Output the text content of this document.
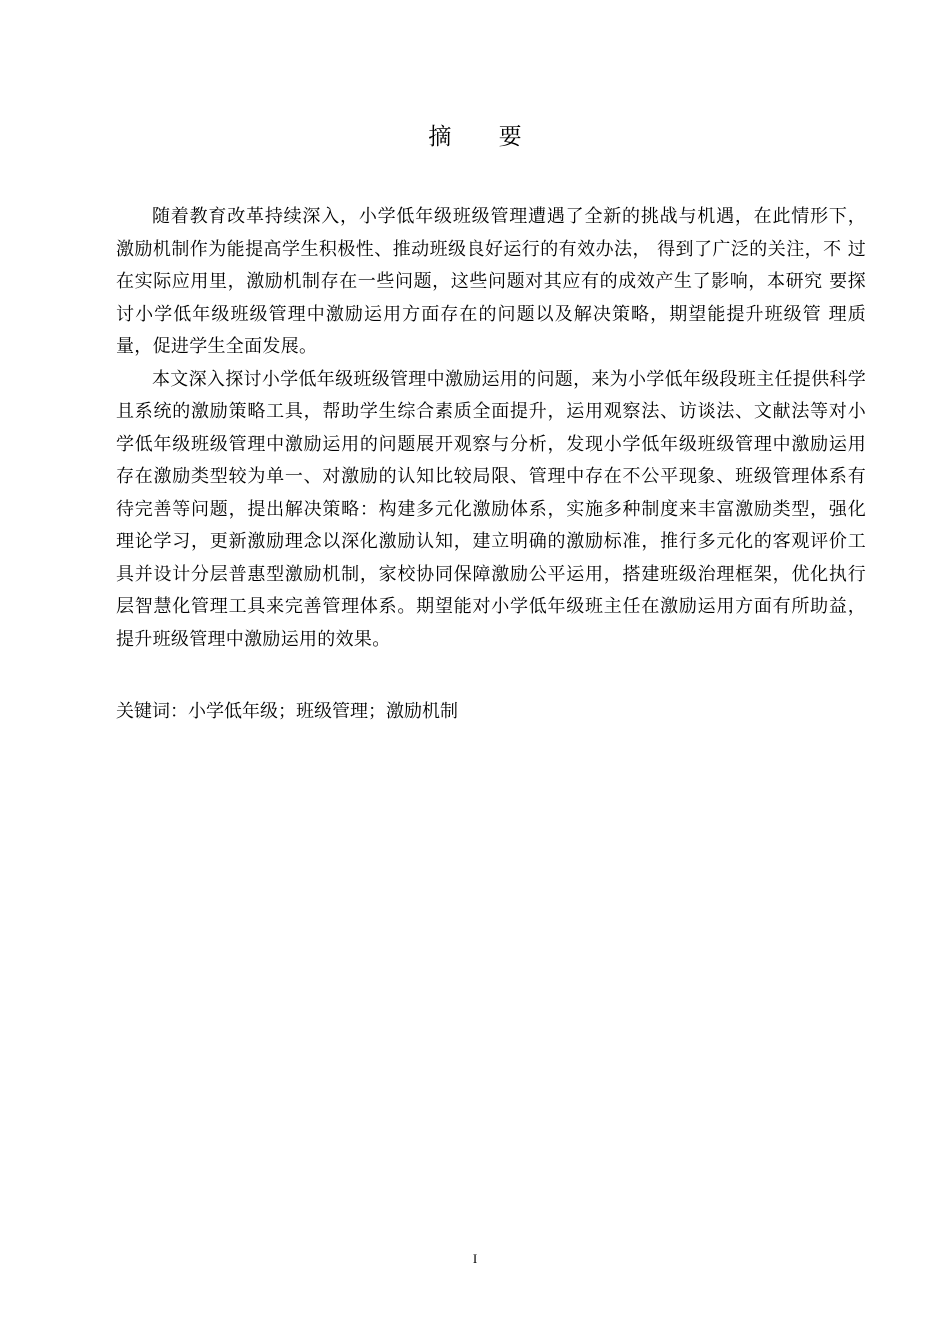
摘 要

随着教育改革持续深入，小学低年级班级管理遭遇了全新的挑战与机遇，在此情形下， 激励机制作为能提高学生积极性、推动班级良好运行的有效办法， 得到了广泛的关注，不 过在实际应用里，激励机制存在一些问题，这些问题对其应有的成效产生了影响，本研究 要探讨小学低年级班级管理中激励运用方面存在的问题以及解决策略，期望能提升班级管 理质量，促进学生全面发展。

本文深入探讨小学低年级班级管理中激励运用的问题，来为小学低年级段班主任提供科学且系统的激励策略工具，帮助学生综合素质全面提升，运用观察法、访谈法、文献法等对小学低年级班级管理中激励运用的问题展开观察与分析，发现小学低年级班级管理中激励运用存在激励类型较为单一、对激励的认知比较局限、管理中存在不公平现象、班级管理体系有待完善等问题，提出解决策略：构建多元化激励体系，实施多种制度来丰富激励类型，强化理论学习，更新激励理念以深化激励认知，建立明确的激励标准，推行多元化的客观评价工具并设计分层普惠型激励机制，家校协同保障激励公平运用，搭建班级治理框架，优化执行层智慧化管理工具来完善管理体系。期望能对小学低年级班主任在激励运用方面有所助益，提升班级管理中激励运用的效果。

关键词：小学低年级；班级管理；激励机制

I
